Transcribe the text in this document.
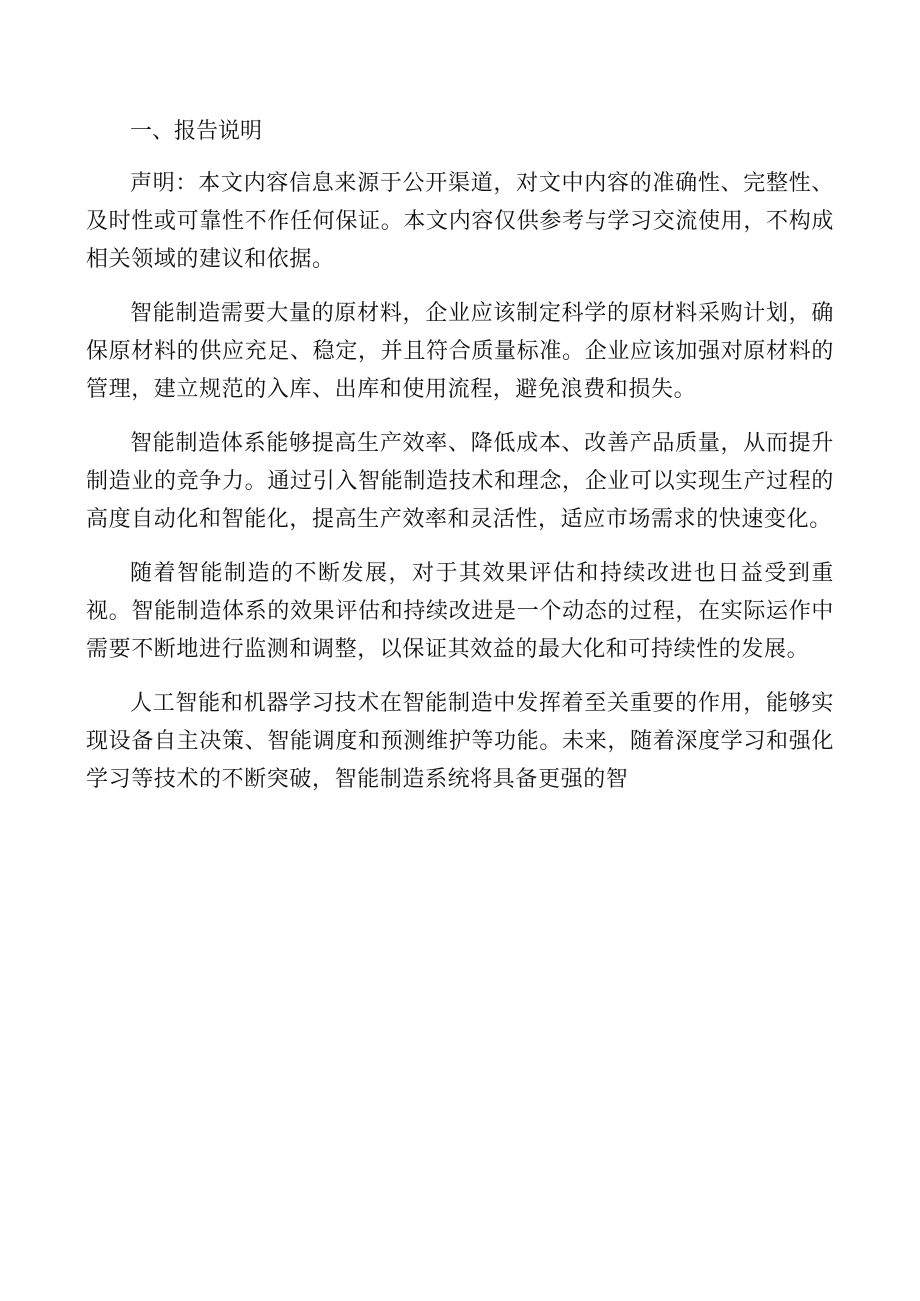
一、报告说明

声明：本文内容信息来源于公开渠道，对文中内容的准确性、完整性、及时性或可靠性不作任何保证。本文内容仅供参考与学习交流使用，不构成相关领域的建议和依据。

智能制造需要大量的原材料，企业应该制定科学的原材料采购计划，确保原材料的供应充足、稳定，并且符合质量标准。企业应该加强对原材料的管理，建立规范的入库、出库和使用流程，避免浪费和损失。

智能制造体系能够提高生产效率、降低成本、改善产品质量，从而提升制造业的竞争力。通过引入智能制造技术和理念，企业可以实现生产过程的高度自动化和智能化，提高生产效率和灵活性，适应市场需求的快速变化。

随着智能制造的不断发展，对于其效果评估和持续改进也日益受到重视。智能制造体系的效果评估和持续改进是一个动态的过程，在实际运作中需要不断地进行监测和调整，以保证其效益的最大化和可持续性的发展。

人工智能和机器学习技术在智能制造中发挥着至关重要的作用，能够实现设备自主决策、智能调度和预测维护等功能。未来，随着深度学习和强化学习等技术的不断突破，智能制造系统将具备更强的智
